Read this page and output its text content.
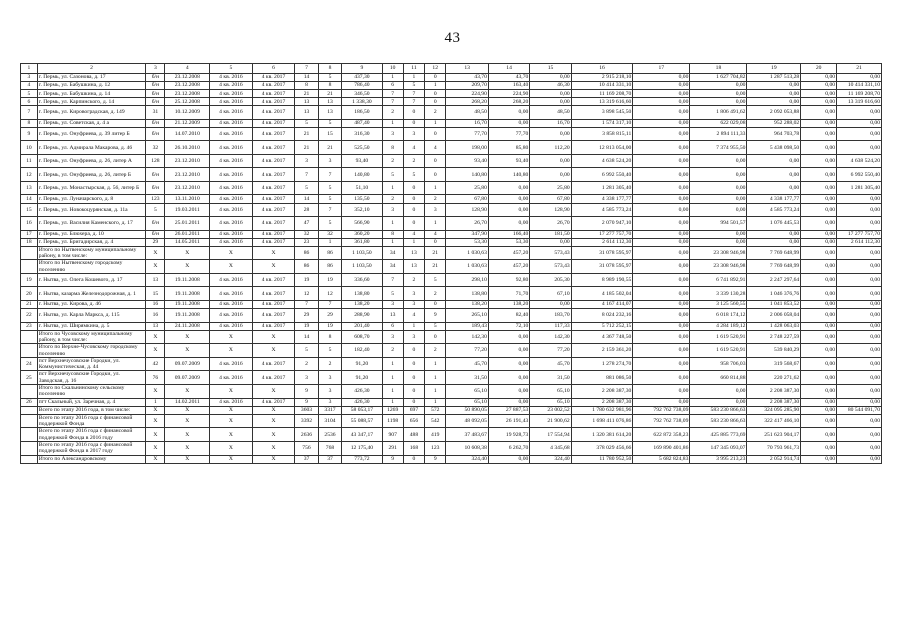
43
1	2	3	4	5	6	7	8	9	10	11	12	13	14	15	16	17	18	19	20	21
3	г. Пермь, ул. Сазонова, д. 17	б/н	23.12.2008	4 кв. 2016	4 кв. 2017	14	5	437,30	1	1	0	43,70	43,70	0,00	2 915 218,10	0,00	1 627 704,82	1 287 513,28	0,00	0,00
4	г. Пермь, ул. Бабушкина, д. 12	б/н	23.12.2008	4 кв. 2016	4 кв. 2017	8	8	786,40	6	5	1	209,70	163,40	46,30	10 414 331,10	0,00	0,00	0,00	0,00	10 414 331,10
5	г. Пермь, ул. Бабушкина, д. 14	б/н	23.12.2008	4 кв. 2016	4 кв. 2017	21	21	346,50	7	7	0	224,90	224,90	0,00	11 169 208,70	0,00	0,00	0,00	0,00	11 169 208,70
6	г. Пермь, ул. Карпинского, д. 14	б/н	25.12.2008	4 кв. 2016	4 кв. 2017	13	13	1 338,30	7	7	0	268,20	268,20	0,00	13 319 616,60	0,00	0,00	0,00	0,00	13 319 616,60
7	г. Пермь, ул. Кировоградская, д. 149	31	10.12.2009	4 кв. 2016	4 кв. 2017	13	13	186,50	2	0	2	48,50	0,00	48,50	3 898 545,50	0,00	1 806 491,62	2 092 053,88	0,00	0,00
8	г. Пермь, ул. Советская, д. 4 а	б/н	21.12.2009	4 кв. 2016	4 кв. 2017	5	5	487,40	1	0	1	16,70	0,00	16,70	1 574 317,10	0,00	622 029,08	952 288,02	0,00	0,00
9	г. Пермь, ул. Онуфриева, д. 39 литер Б	б/н	14.07.2010	4 кв. 2016	4 кв. 2017	21	15	316,30	3	3	0	77,70	77,70	0,00	3 858 815,11	0,00	2 894 111,33	964 703,78	0,00	0,00
10	г. Пермь, ул. Адмирала Макарова, д. 46	32	26.10.2010	4 кв. 2016	4 кв. 2017	21	21	525,50	8	4	4	198,00	85,80	112,20	12 813 054,00	0,00	7 374 955,50	5 438 098,50	0,00	0,00
11	г. Пермь, ул. Онуфриева, д. 26, литер А	128	23.12.2010	4 кв. 2016	4 кв. 2017	3	3	93,40	2	2	0	93,40	93,40	0,00	4 638 524,20	0,00	0,00	0,00	0,00	4 638 524,20
12	г. Пермь, ул. Онуфриева, д. 26, литер Б	б/н	23.12.2010	4 кв. 2016	4 кв. 2017	7	7	140,80	5	5	0	140,80	140,80	0,00	6 992 550,40	0,00	0,00	0,00	0,00	6 992 550,40
13	г. Пермь, ул. Монастырская, д. 56, литер Б	б/н	23.12.2010	4 кв. 2016	4 кв. 2017	5	5	51,10	1	0	1	25,80	0,00	25,80	1 281 305,40	0,00	0,00	0,00	0,00	1 281 305,40
14	г. Пермь, ул. Луначарского, д. 8	123	13.11.2010	4 кв. 2016	4 кв. 2017	14	5	135,50	2	0	2	67,80	0,00	67,80	4 338 177,77	0,00	0,00	4 338 177,77	0,00	0,00
15	г. Пермь, ул. Новокоцурянская, д. 11а	5	19.03.2011	4 кв. 2016	4 кв. 2017	28	7	352,10	3	0	3	128,90	0,00	128,90	4 585 773,24	0,00	0,00	4 585 773,24	0,00	0,00
16	г. Пермь, ул. Василия Каменского, д. 17	б/н	25.01.2011	4 кв. 2016	4 кв. 2017	47	5	566,90	1	0	1	26,70	0,00	26,70	2 070 947,10	0,00	994 501,57	1 076 445,53	0,00	0,00
17	г. Пермь, ул. Блюхера, д. 10	б/н	26.01.2011	4 кв. 2016	4 кв. 2017	32	32	360,20	8	4	4	347,90	166,40	181,50	17 277 757,70	0,00	0,00	0,00	0,00	17 277 757,70
18	г. Пермь, ул. Бригадирская, д. 4	29	14.05.2011	4 кв. 2016	4 кв. 2017	23	1	361,80	1	1	0	53,30	53,30	0,00	2 614 112,30	0,00	0,00	0,00	0,00	2 614 112,30
	Итого по Нытвенскому муниципальному району, в том числе:	X	X	X	X	86	86	1 103,50	34	13	21	1 030,63	457,20	573,43	31 078 595,97	0,00	23 308 946,98	7 769 648,99	0,00	0,00
	Итого по Нытвенскому городскому поселению	X	X	X	X	86	86	1 103,50	34	13	21	1 030,63	457,20	573,43	31 078 595,97	0,00	23 308 946,98	7 769 648,99	0,00	0,00
19	г. Нытва, ул. Олега Кошевого, д. 17	13	19.11.2008	4 кв. 2016	4 кв. 2017	19	19	336,60	7	2	5	298,10	92,80	205,30	8 989 190,55	0,00	6 741 892,91	2 247 297,64	0,00	0,00
20	г. Нытва, казарма Железнодорожная, д. 1	15	19.11.2008	4 кв. 2016	4 кв. 2017	12	12	138,80	5	3	2	138,80	71,70	67,10	4 185 502,04	0,00	3 339 130,28	1 046 376,76	0,00	0,00
21	г. Нытва, ул. Кирова, д. 46	16	19.11.2008	4 кв. 2016	4 кв. 2017	7	7	138,20	3	3	0	138,20	138,20	0,00	4 167 414,07	0,00	3 125 560,55	1 041 853,52	0,00	0,00
22	г. Нытва, ул. Карла Маркса, д. 115	16	19.11.2008	4 кв. 2016	4 кв. 2017	29	29	288,90	13	4	9	265,10	82,40	183,70	8 024 232,16	0,00	6 018 174,12	2 006 058,04	0,00	0,00
23	г. Нытва, ул. Ширямкина, д. 5	13	24.11.2008	4 кв. 2016	4 кв. 2017	19	19	201,40	6	1	5	189,43	72,10	117,33	5 712 252,15	0,00	4 284 189,12	1 428 063,03	0,00	0,00
	Итого по Чусовскому муниципальному району, в том числе:	X	X	X	X	14	8	608,70	3	3	0	142,30	0,00	142,30	4 367 748,50	0,00	1 619 520,91	2 748 227,59	0,00	0,00
	Итого по Верхне-Чусовскому городскому поселению	X	X	X	X	5	5	182,40	2	0	2	77,20	0,00	77,20	2 159 361,20	0,00	1 619 520,91	539 840,29	0,00	0,00
24	пст Верхнечусовские Городки, ул. Коммунистическая, д. 44	42	09.07.2009	4 кв. 2016	4 кв. 2017	2	2	91,20	1	0	1	45,70	0,00	45,70	1 278 274,70	0,00	958 706,03	319 568,67	0,00	0,00
25	пст Верхнечусовские Городки, ул. Заводская, д. 16	76	09.07.2009	4 кв. 2016	4 кв. 2017	3	3	91,20	1	0	1	31,50	0,00	31,50	881 086,50	0,00	660 814,88	220 271,62	0,00	0,00
	Итого по Скальнинскому сельскому поселению	X	X	X	X	9	3	426,30	1	0	1	65,10	0,00	65,10	2 208 387,30	0,00	0,00	2 208 387,30	0,00	0,00
26	пгт Скальный, ул. Заречная, д. 4	1	14.02.2011	4 кв. 2016	4 кв. 2017	9	3	426,30	1	0	1	65,10	0,00	65,10	2 208 387,30	0,00	0,00	2 208 387,30	0,00	0,00
	Всего по этапу 2016 года, в том числе:	X	X	X	X	3603	3317	58 053,17	1269	697	572	50 890,05	27 887,53	23 002,52	1 780 632 981,96	792 762 738,09	583 230 866,63	324 095 285,90	0,00	80 544 091,70
	Всего по этапу 2016 года с финансовой поддержкой Фонда	X	X	X	X	3392	3104	55 088,57	1198	656	542	48 092,05	26 191,43	21 900,62	1 698 411 076,86	792 762 738,09	583 230 866,63	322 417 466,10	0,00	0,00
	Всего по этапу 2016 года с финансовой поддержкой Фонда в 2016 году	X	X	X	X	2636	2536	43 347,17	907	488	419	37 483,67	19 928,73	17 554,94	1 320 381 614,20	622 872 358,23	425 885 773,69	251 623 904,17	0,00	0,00
	Всего по этапу 2016 года с финансовой поддержкой Фонда в 2017 году	X	X	X	X	756	768	12 175,40	291	168	123	10 608,38	6 262,70	4 345,68	378 029 456,66	169 890 401,86	147 345 093,07	70 793 961,73	0,00	0,00
	Итого по Александровскому	X	X	X	X	37	37	773,72	9	0	9	324,40	0,00	324,40	11 780 952,50	5 682 824,83	3 995 213,23	2 052 914,74	0,00	0,00
